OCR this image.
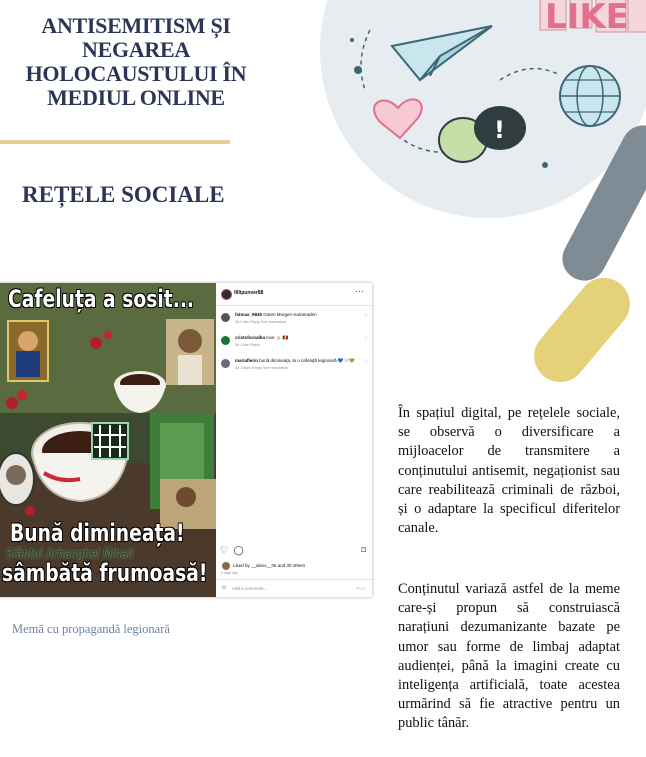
LIKE
!
ANTISEMITISM ȘI NEGAREA HOLOCAUSTULUI ÎN MEDIUL ONLINE
REȚELE SOCIALE
Cafeluța a sosit...
Bună dimineața!
Sfântul Arhanghel Mihail
sâmbătă frumoasă!
fillipunver88	···
fatmax_9845 Guten Morgen Kameraden
3d 1 like Reply See translation
♡
cristoforoalba love 👍🏻 🇷🇴
3d 1 like Reply
♡
mariaflerin bună dimineața, la o cafeluță legionară 💙🤍💚
3d 2 likes Reply See translation
♡
♡ ◯	⌑
Liked by __alexx__06 and 30 others
3 days ago
☺ Add a comment...	Post
Memă cu propagandă legionară

În spațiul digital, pe rețelele sociale, se observă o diversificare a mijloacelor de transmitere a conținutului antisemit, negaționist sau care reabilitează criminali de război, și o adaptare la specificul diferitelor canale.

Conținutul variază astfel de la meme care-și propun să construiască narațiuni dezumanizante bazate pe umor sau forme de limbaj adaptat audienței, până la imagini create cu inteligența artificială, toate acestea urmărind să fie atractive pentru un public tânăr.
